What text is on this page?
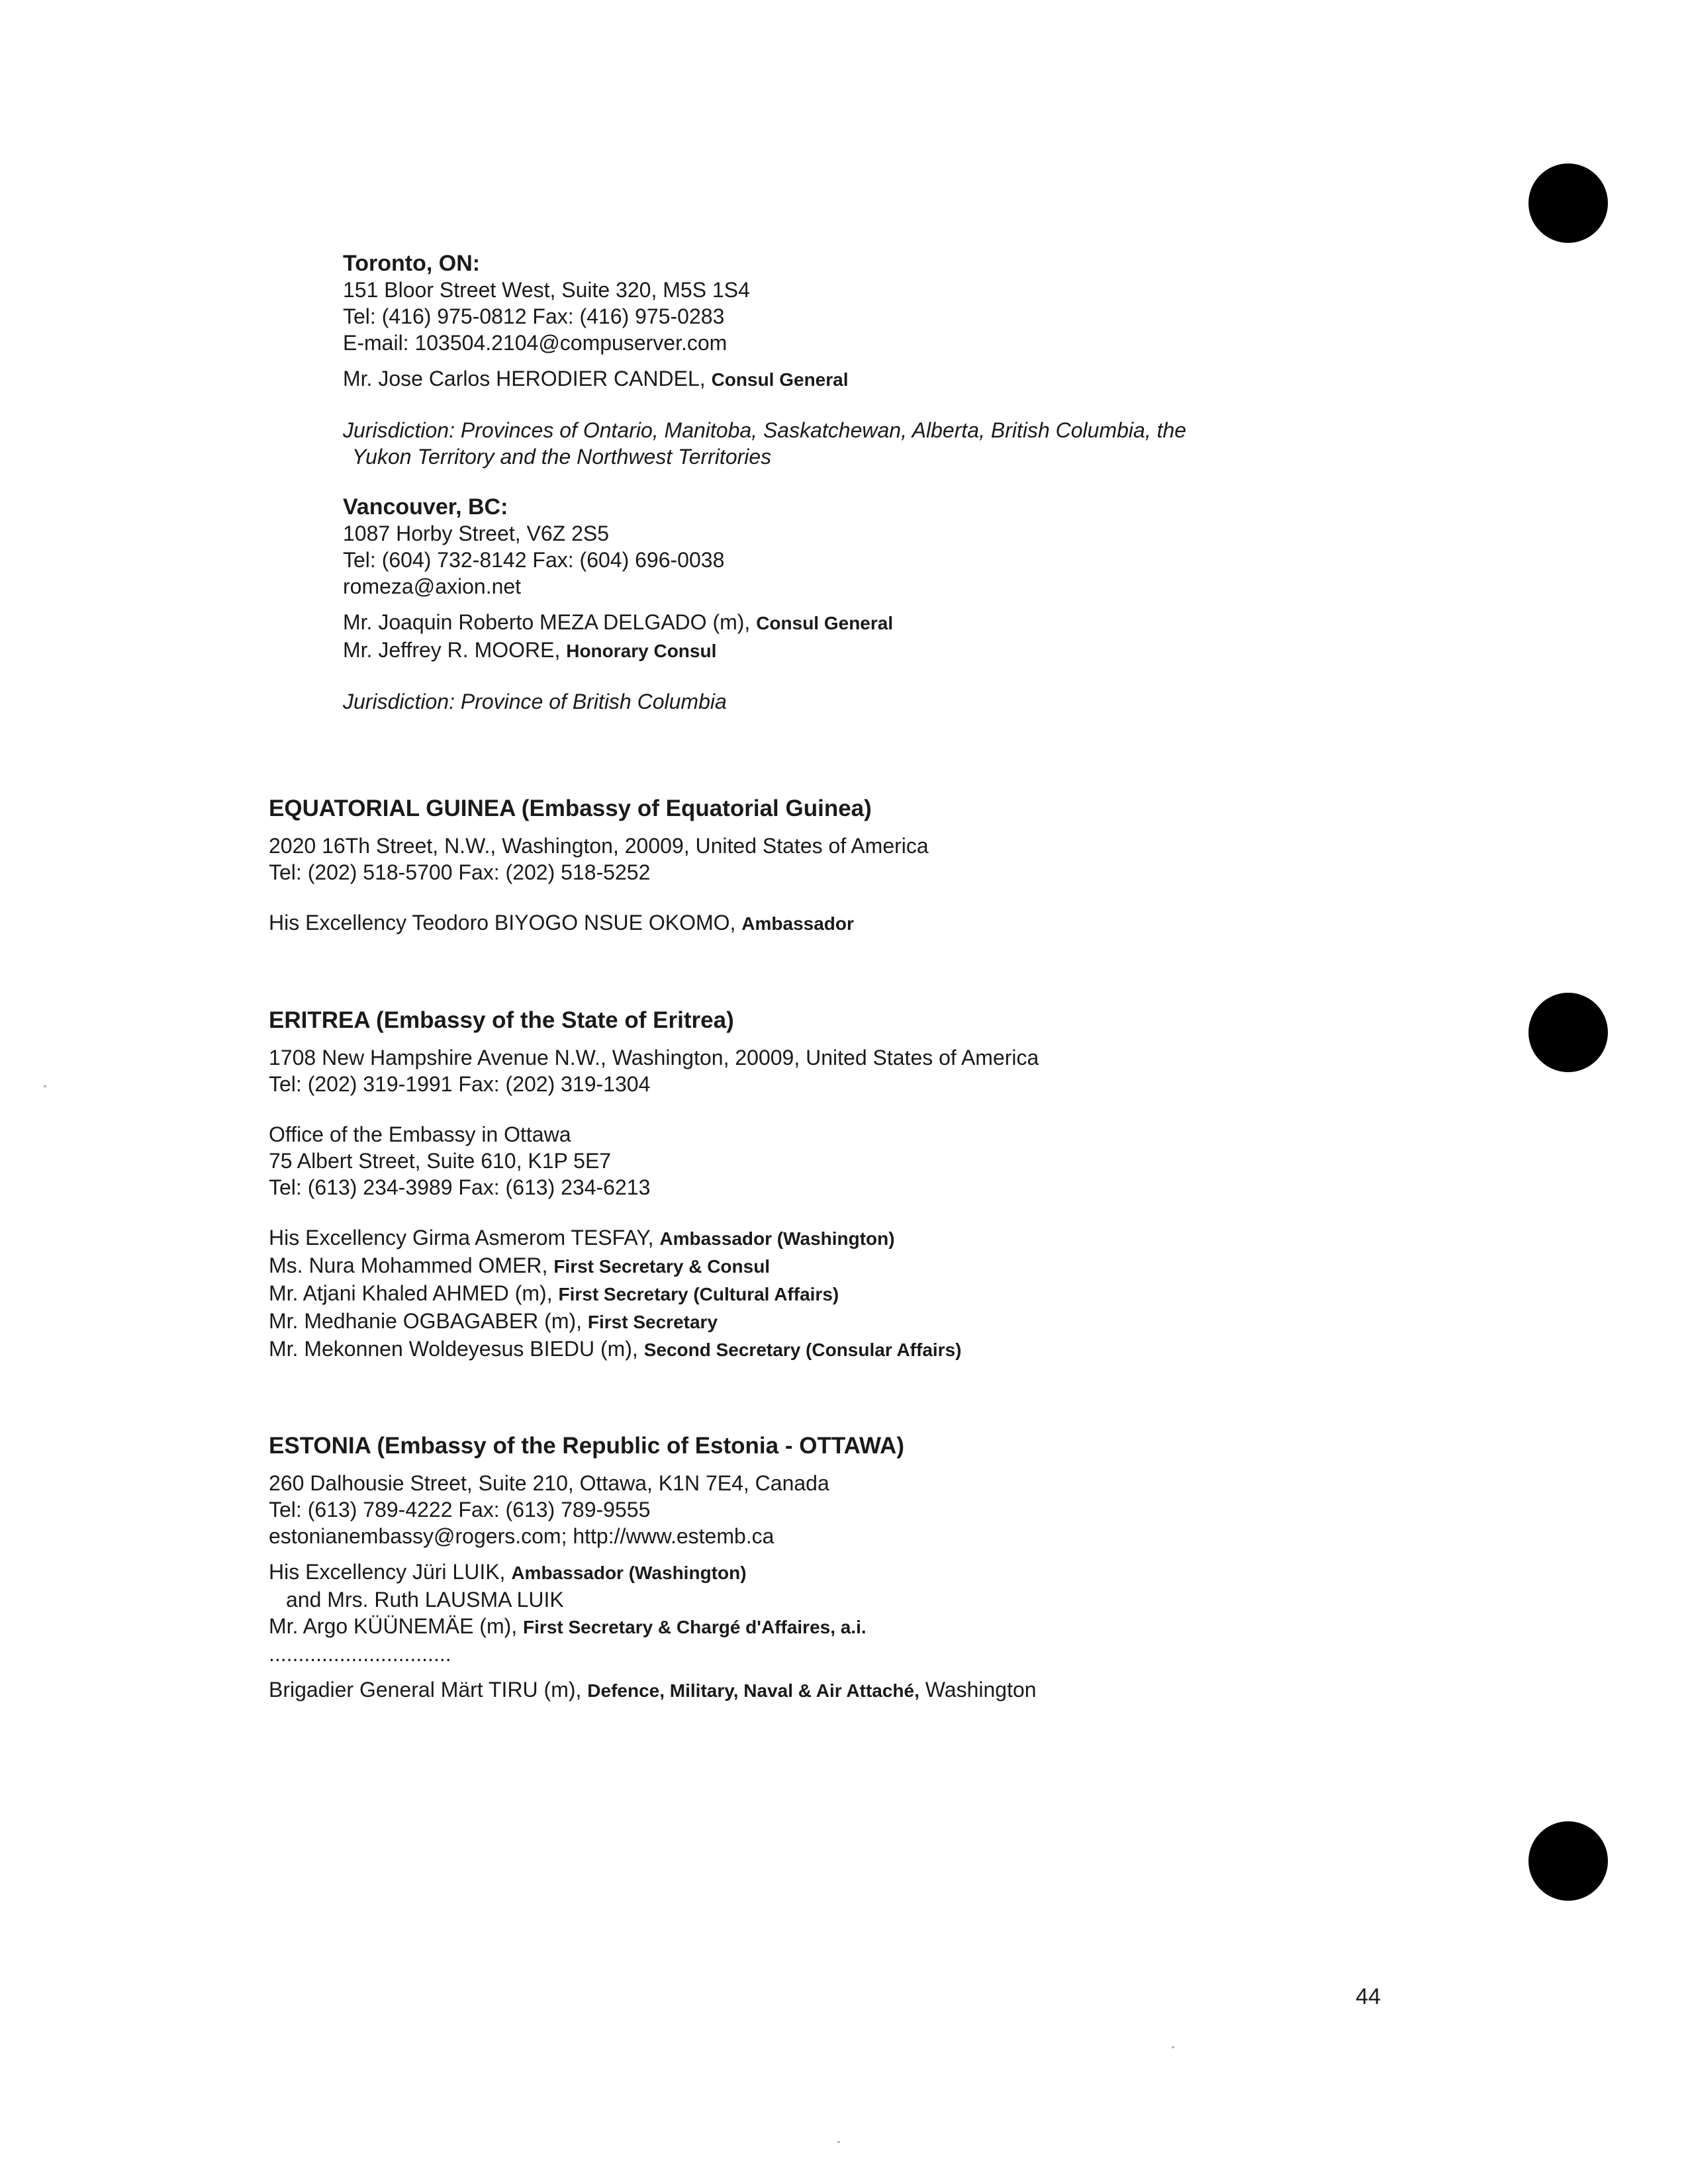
Toronto, ON:
151 Bloor Street West, Suite 320, M5S 1S4
Tel: (416) 975-0812 Fax: (416) 975-0283
E-mail: 103504.2104@compuserver.com
Mr. Jose Carlos HERODIER CANDEL, Consul General
Jurisdiction: Provinces of Ontario, Manitoba, Saskatchewan, Alberta, British Columbia, the
Yukon Territory and the Northwest Territories
Vancouver, BC:
1087 Horby Street, V6Z 2S5
Tel: (604) 732-8142 Fax: (604) 696-0038
romeza@axion.net
Mr. Joaquin Roberto MEZA DELGADO (m), Consul General
Mr. Jeffrey R. MOORE, Honorary Consul
Jurisdiction: Province of British Columbia
EQUATORIAL GUINEA (Embassy of Equatorial Guinea)
2020 16Th Street, N.W., Washington, 20009, United States of America
Tel: (202) 518-5700 Fax: (202) 518-5252
His Excellency Teodoro BIYOGO NSUE OKOMO, Ambassador
ERITREA (Embassy of the State of Eritrea)
1708 New Hampshire Avenue N.W., Washington, 20009, United States of America
Tel: (202) 319-1991 Fax: (202) 319-1304
Office of the Embassy in Ottawa
75 Albert Street, Suite 610, K1P 5E7
Tel: (613) 234-3989 Fax: (613) 234-6213
His Excellency Girma Asmerom TESFAY, Ambassador (Washington)
Ms. Nura Mohammed OMER, First Secretary & Consul
Mr. Atjani Khaled AHMED (m), First Secretary (Cultural Affairs)
Mr. Medhanie OGBAGABER (m), First Secretary
Mr. Mekonnen Woldeyesus BIEDU (m), Second Secretary (Consular Affairs)
ESTONIA (Embassy of the Republic of Estonia - OTTAWA)
260 Dalhousie Street, Suite 210, Ottawa, K1N 7E4, Canada
Tel: (613) 789-4222 Fax: (613) 789-9555
estonianembassy@rogers.com; http://www.estemb.ca
His Excellency Jüri LUIK, Ambassador (Washington)
and Mrs. Ruth LAUSMA LUIK
Mr. Argo KÜÜNEMÄE (m), First Secretary & Chargé d'Affaires, a.i.
...............................
Brigadier General Märt TIRU (m), Defence, Military, Naval & Air Attaché, Washington
44
